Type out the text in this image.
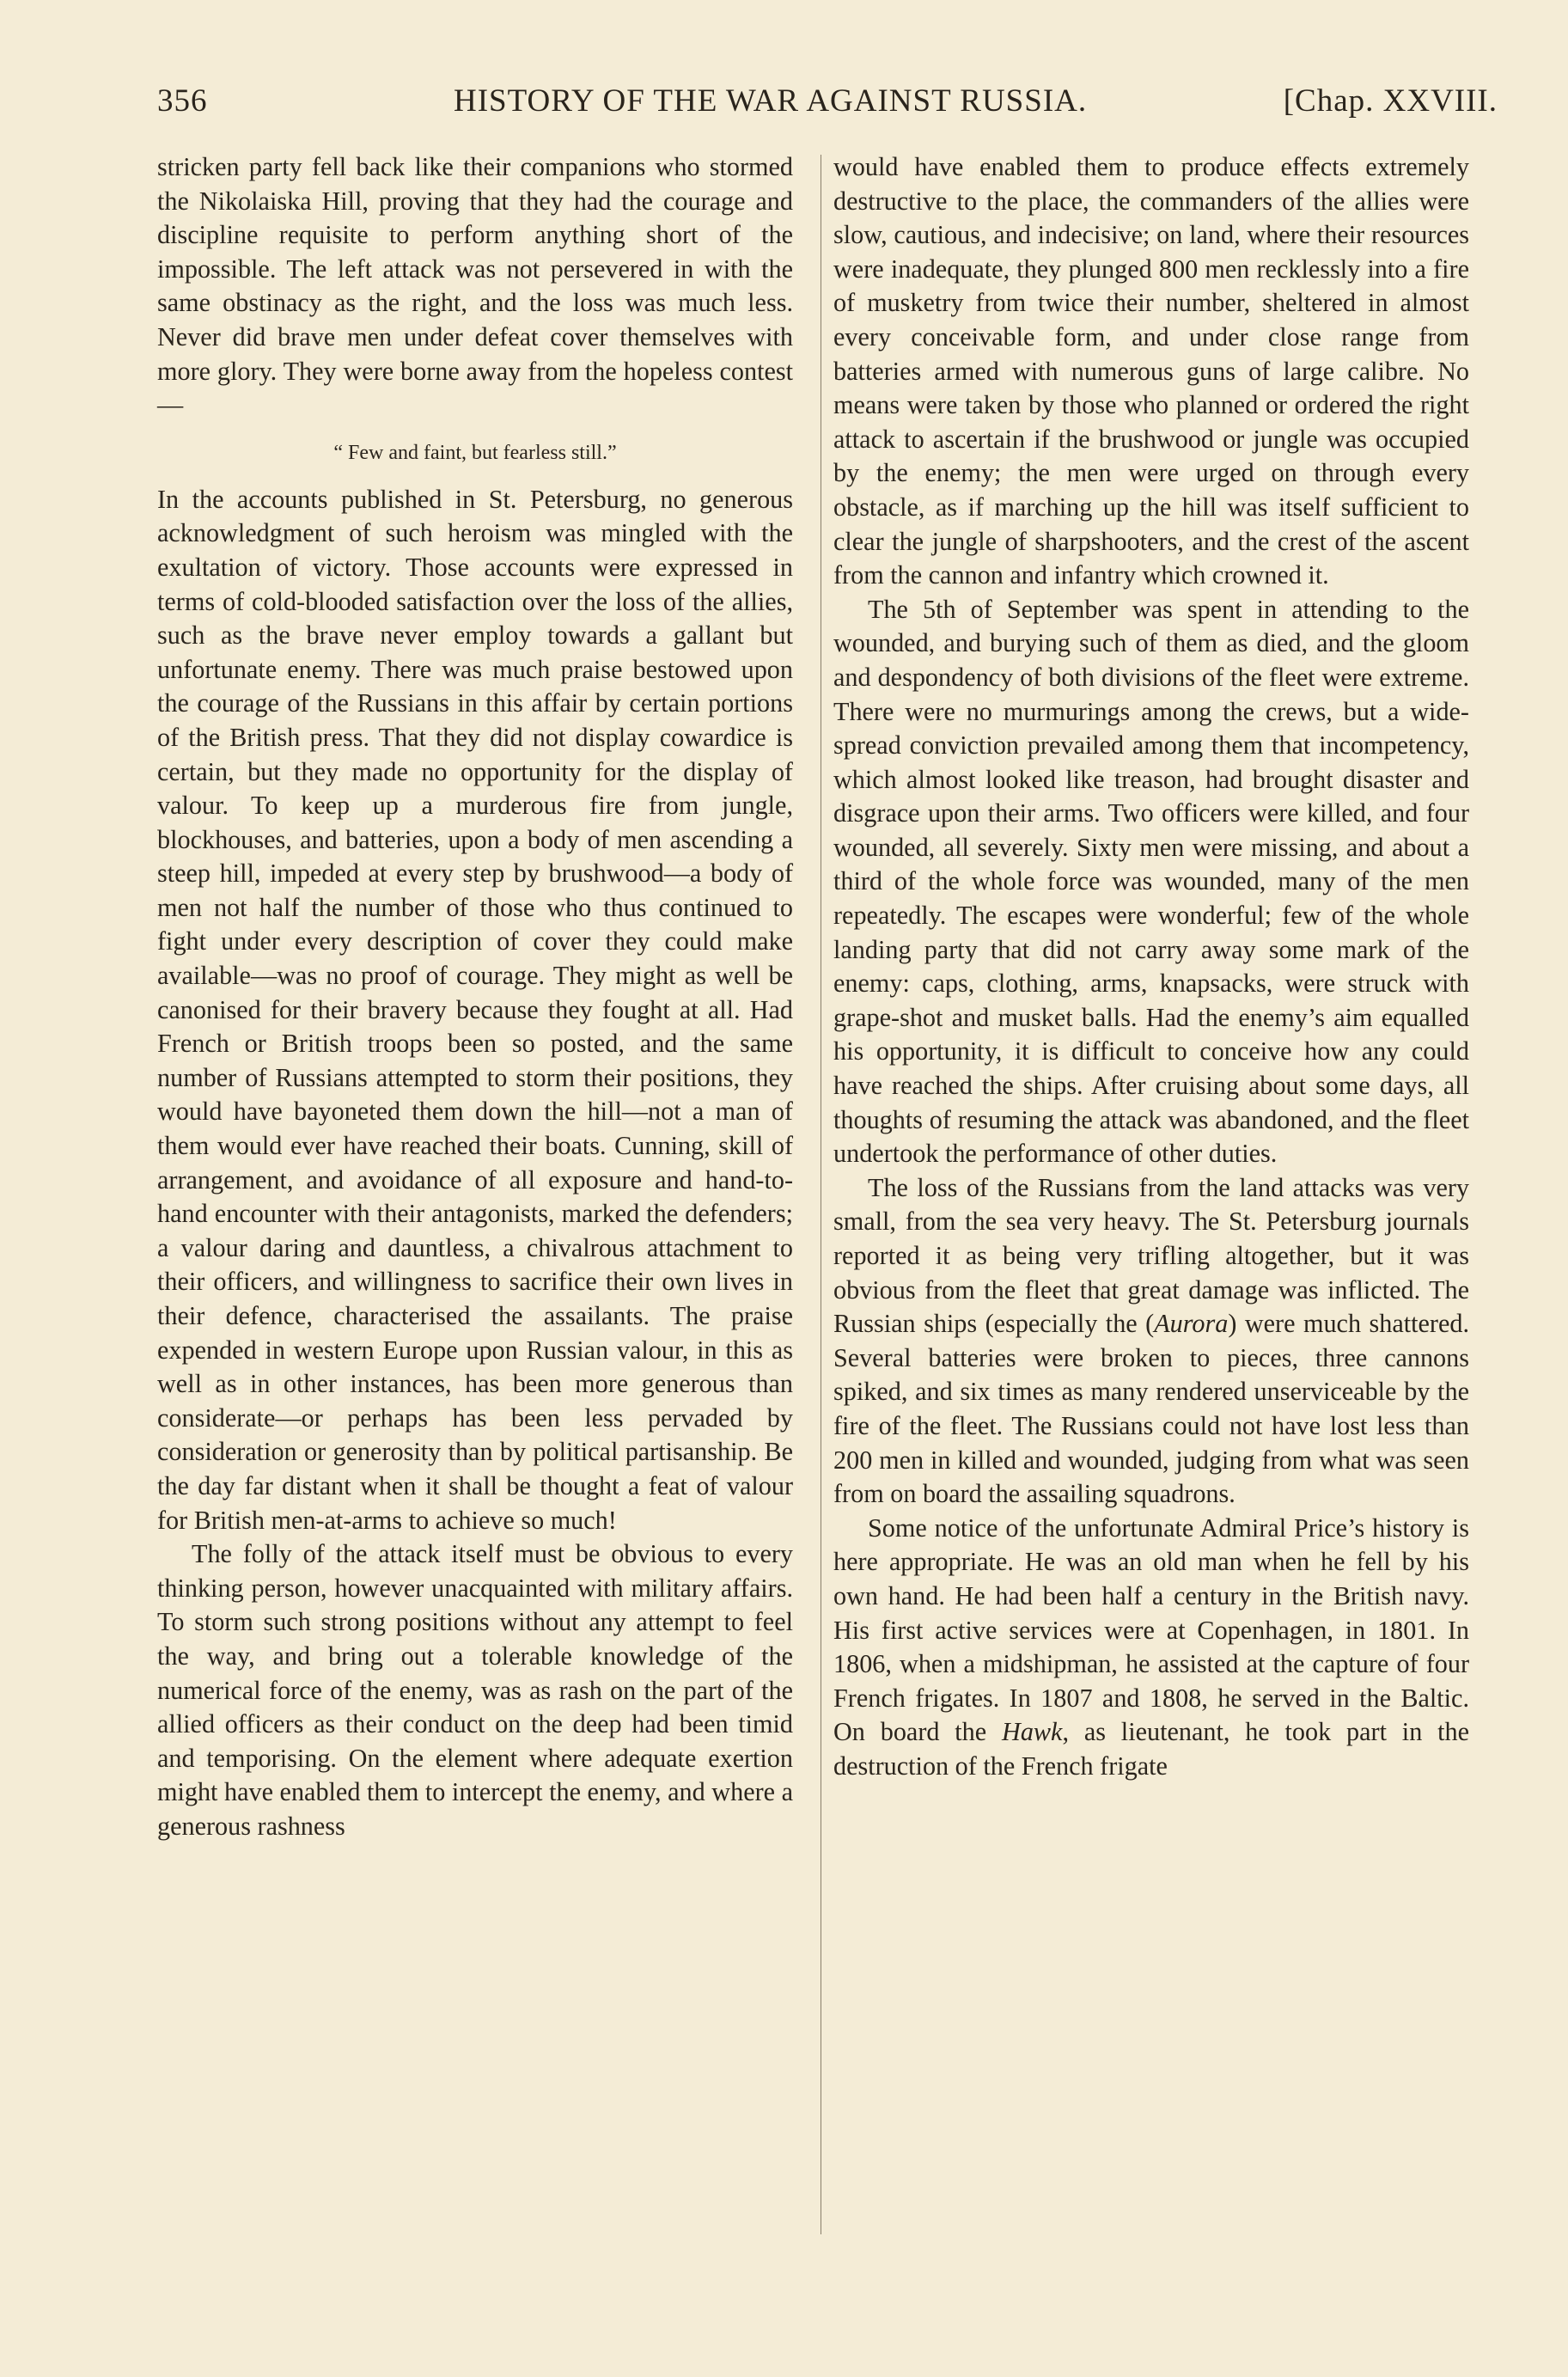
356	HISTORY OF THE WAR AGAINST RUSSIA.	[Chap. XXVIII.

stricken party fell back like their companions who stormed the Nikolaiska Hill, proving that they had the courage and discipline requisite to perform anything short of the impossible. The left attack was not persevered in with the same obstinacy as the right, and the loss was much less. Never did brave men under defeat cover themselves with more glory. They were borne away from the hopeless contest—

“ Few and faint, but fearless still.”

In the accounts published in St. Petersburg, no generous acknowledgment of such heroism was mingled with the exultation of victory. Those accounts were expressed in terms of cold-blooded satisfaction over the loss of the allies, such as the brave never employ towards a gallant but unfortunate enemy. There was much praise bestowed upon the courage of the Russians in this affair by certain portions of the British press. That they did not display cowardice is certain, but they made no opportunity for the display of valour. To keep up a murderous fire from jungle, blockhouses, and batteries, upon a body of men ascending a steep hill, impeded at every step by brushwood—a body of men not half the number of those who thus continued to fight under every description of cover they could make available—was no proof of courage. They might as well be canonised for their bravery because they fought at all. Had French or British troops been so posted, and the same number of Russians attempted to storm their positions, they would have bayoneted them down the hill—not a man of them would ever have reached their boats. Cunning, skill of arrangement, and avoidance of all exposure and hand-to-hand encounter with their antagonists, marked the defenders; a valour daring and dauntless, a chivalrous attachment to their officers, and willingness to sacrifice their own lives in their defence, characterised the assailants. The praise expended in western Europe upon Russian valour, in this as well as in other instances, has been more generous than considerate—or perhaps has been less pervaded by consideration or generosity than by political partisanship. Be the day far distant when it shall be thought a feat of valour for British men-at-arms to achieve so much!

The folly of the attack itself must be obvious to every thinking person, however unacquainted with military affairs. To storm such strong positions without any attempt to feel the way, and bring out a tolerable knowledge of the numerical force of the enemy, was as rash on the part of the allied officers as their conduct on the deep had been timid and temporising. On the element where adequate exertion might have enabled them to intercept the enemy, and where a generous rashness

would have enabled them to produce effects extremely destructive to the place, the commanders of the allies were slow, cautious, and indecisive; on land, where their resources were inadequate, they plunged 800 men recklessly into a fire of musketry from twice their number, sheltered in almost every conceivable form, and under close range from batteries armed with numerous guns of large calibre. No means were taken by those who planned or ordered the right attack to ascertain if the brushwood or jungle was occupied by the enemy; the men were urged on through every obstacle, as if marching up the hill was itself sufficient to clear the jungle of sharpshooters, and the crest of the ascent from the cannon and infantry which crowned it.

The 5th of September was spent in attending to the wounded, and burying such of them as died, and the gloom and despondency of both divisions of the fleet were extreme. There were no murmurings among the crews, but a wide-spread conviction prevailed among them that incompetency, which almost looked like treason, had brought disaster and disgrace upon their arms. Two officers were killed, and four wounded, all severely. Sixty men were missing, and about a third of the whole force was wounded, many of the men repeatedly. The escapes were wonderful; few of the whole landing party that did not carry away some mark of the enemy: caps, clothing, arms, knapsacks, were struck with grape-shot and musket balls. Had the enemy’s aim equalled his opportunity, it is difficult to conceive how any could have reached the ships. After cruising about some days, all thoughts of resuming the attack was abandoned, and the fleet undertook the performance of other duties.

The loss of the Russians from the land attacks was very small, from the sea very heavy. The St. Petersburg journals reported it as being very trifling altogether, but it was obvious from the fleet that great damage was inflicted. The Russian ships (especially the (Aurora) were much shattered. Several batteries were broken to pieces, three cannons spiked, and six times as many rendered unserviceable by the fire of the fleet. The Russians could not have lost less than 200 men in killed and wounded, judging from what was seen from on board the assailing squadrons.

Some notice of the unfortunate Admiral Price’s history is here appropriate. He was an old man when he fell by his own hand. He had been half a century in the British navy. His first active services were at Copenhagen, in 1801. In 1806, when a midshipman, he assisted at the capture of four French frigates. In 1807 and 1808, he served in the Baltic. On board the Hawk, as lieutenant, he took part in the destruction of the French frigate
